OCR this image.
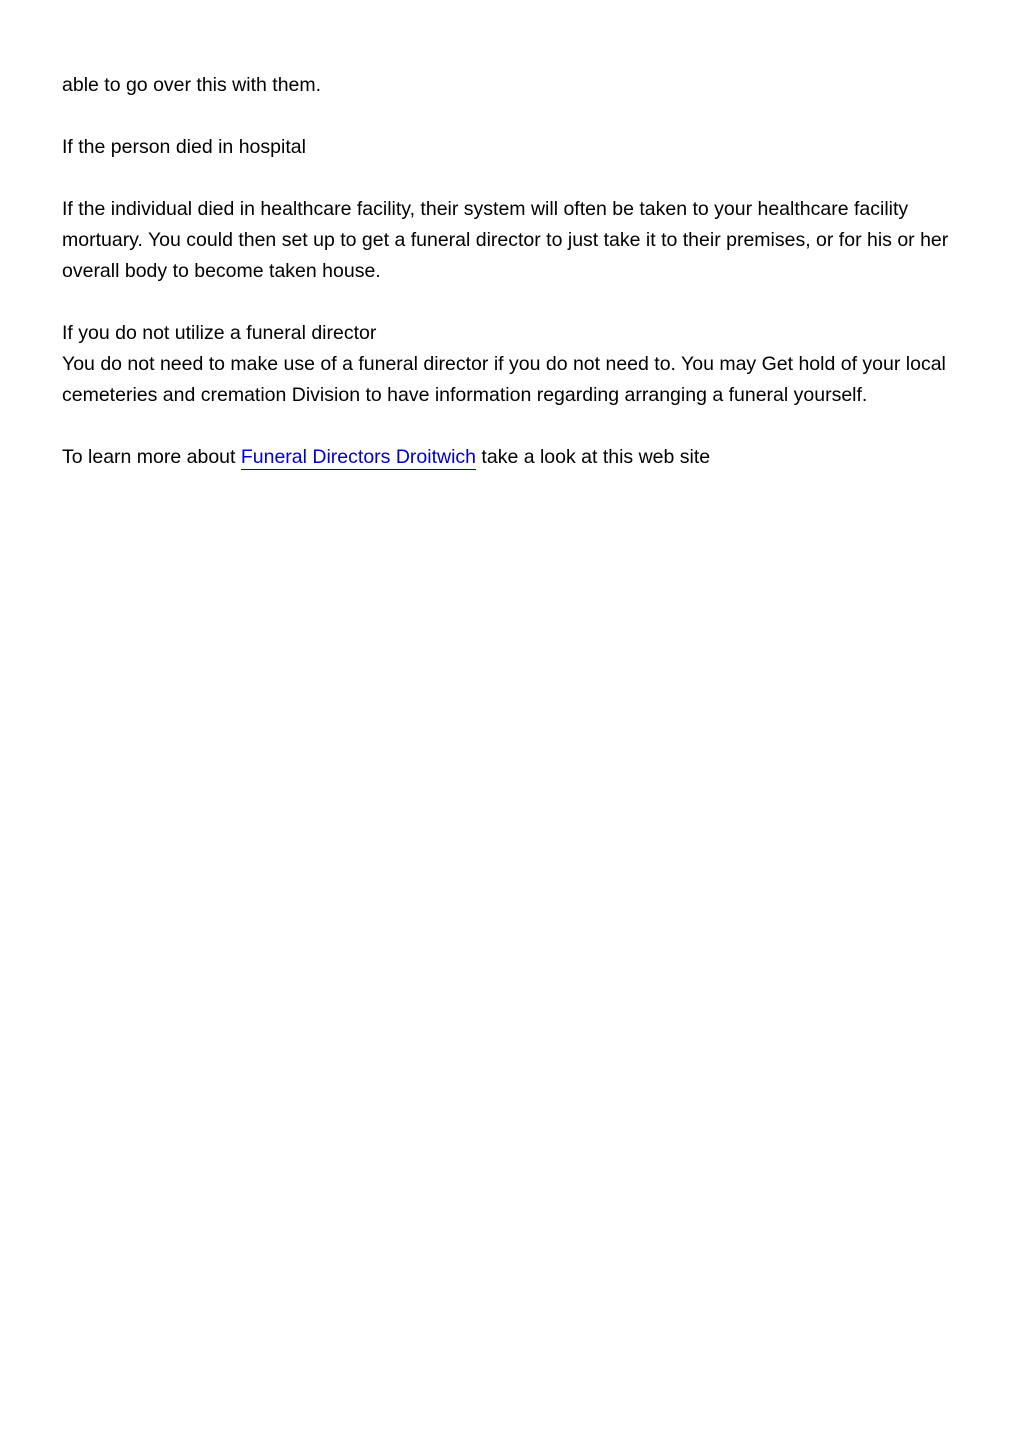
able to go over this with them.

If the person died in hospital

If the individual died in healthcare facility, their system will often be taken to your healthcare facility mortuary. You could then set up to get a funeral director to just take it to their premises, or for his or her overall body to become taken house.

If you do not utilize a funeral director

You do not need to make use of a funeral director if you do not need to. You may Get hold of your local cemeteries and cremation Division to have information regarding arranging a funeral yourself.

To learn more about Funeral Directors Droitwich take a look at this web site
